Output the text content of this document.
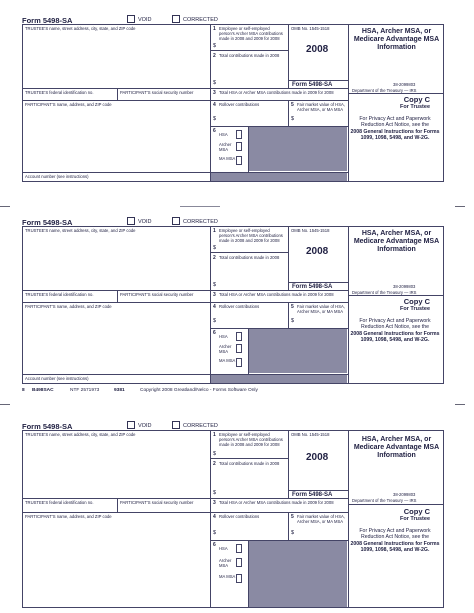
Form 5498-SA	VOID	CORRECTED
TRUSTEE'S name, street address, city, state, and ZIP code	1 Employee or self-employed person's Archer MSA contributions made in 2008 and 2009 for 2008
$
2 Total contributions made in 2008
$
OMB No. 1545-1518
2008
Form 5498-SA
HSA, Archer MSA, or Medicare Advantage MSA Information
38-2099803
Department of the Treasury — IRS
TRUSTEE'S federal identification no.	PARTICIPANT'S social security number	3 Total HSA or Archer MSA contributions made in 2009 for 2008
Copy C
For Trustee
PARTICIPANT'S name, address, and ZIP code	4 Rollover contributions
$
5 Fair market value of HSA, Archer MSA, or MA MSA
$
6
HSA
Archer MSA
MA MSA
For Privacy Act and Paperwork Reduction Act Notice, see the
2008 General Instructions for Forms 1099, 1098, 5498, and W-2G.
Account number (see instructions)
Form 5498-SA	VOID	CORRECTED
TRUSTEE'S name, street address, city, state, and ZIP code	1 Employee or self-employed person's Archer MSA contributions made in 2008 and 2009 for 2008
$
2 Total contributions made in 2008
$
OMB No. 1545-1518
2008
Form 5498-SA
HSA, Archer MSA, or Medicare Advantage MSA Information
38-2099803
Department of the Treasury — IRS
TRUSTEE'S federal identification no.	PARTICIPANT'S social security number	3 Total HSA or Archer MSA contributions made in 2009 for 2008
Copy C
For Trustee
PARTICIPANT'S name, address, and ZIP code	4 Rollover contributions
$
5 Fair market value of HSA, Archer MSA, or MA MSA
$
6
HSA
Archer MSA
MA MSA
For Privacy Act and Paperwork Reduction Act Notice, see the
2008 General Instructions for Forms 1099, 1098, 5498, and W-2G.
Account number (see instructions)
8 B498SAC	NTF 2571973	9381	Copyright 2008 Greatland/Nelco - Forms Software Only
Form 5498-SA	VOID	CORRECTED
TRUSTEE'S name, street address, city, state, and ZIP code	1 Employee or self-employed person's Archer MSA contributions made in 2008 and 2009 for 2008
$
2 Total contributions made in 2008
$
OMB No. 1545-1518
2008
Form 5498-SA
HSA, Archer MSA, or Medicare Advantage MSA Information
38-2099803
Department of the Treasury — IRS
TRUSTEE'S federal identification no.	PARTICIPANT'S social security number	3 Total HSA or Archer MSA contributions made in 2009 for 2008
Copy C
For Trustee
PARTICIPANT'S name, address, and ZIP code	4 Rollover contributions
$
5 Fair market value of HSA, Archer MSA, or MA MSA
$
6
HSA
Archer MSA
MA MSA
For Privacy Act and Paperwork Reduction Act Notice, see the
2008 General Instructions for Forms 1099, 1098, 5498, and W-2G.
